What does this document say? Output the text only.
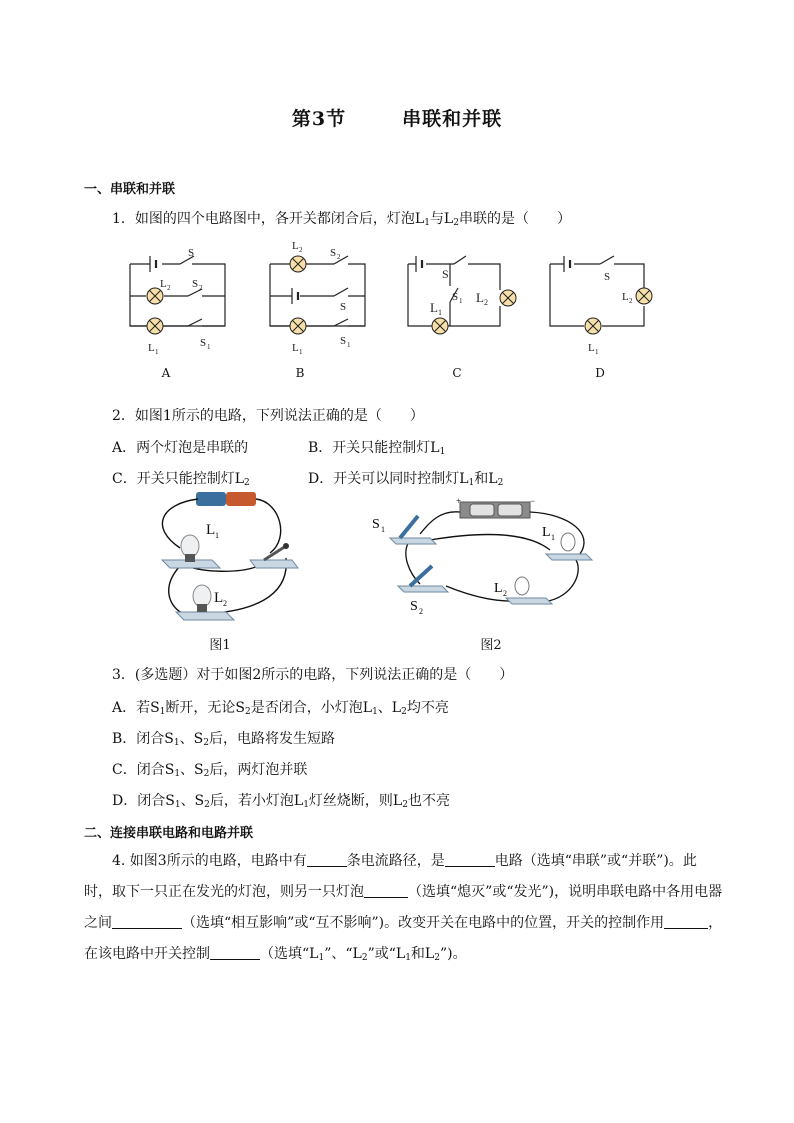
第3节	串联和并联
一、串联和并联
1．如图的四个电路图中，各开关都闭合后，灯泡$L_1$与$L_2$串联的是（　　）
S
L 2 S 2
L 1
S 1
L 2	S 2
S
L 1
S 1
S
S 1 L 2
L 1
S
L 2
L 1
A	B	C	D
2．如图1所示的电路，下列说法正确的是（　　）
A．两个灯泡是串联的	B．开关只能控制灯$L_1$
C．开关只能控制灯$L_2$	D．开关可以同时控制灯$L_1$和$L_2$
L 1
L 2
图1
+	−
S 1	L 1
L 2
S 2
图2
3．(多选题）对于如图2所示的电路，下列说法正确的是（　　）
A．若$S_1$断开，无论$S_2$是否闭合，小灯泡$L_1$、$L_2$均不亮
B．闭合$S_1$、$S_2$后，电路将发生短路
C．闭合$S_1$、$S_2$后，两灯泡并联
D．闭合$S_1$、$S_2$后，若小灯泡$L_1$灯丝烧断，则$L_2$也不亮
二、连接串联电路和电路并联
4. 如图3所示的电路，电路中有	条电流路径，是	电路（选填“串联”或“并联”)。此时，取下一只正在发光的灯泡，则另一只灯泡	（选填“熄灭”或“发光”)，说明串联电路中各用电器之间	（选填“相互影响”或“互不影响”)。改变开关在电路中的位置，开关的控制作用	，在该电路中开关控制	（选填“$L_1$”、“$L_2$”或“$L_1$和$L_2$”)。
